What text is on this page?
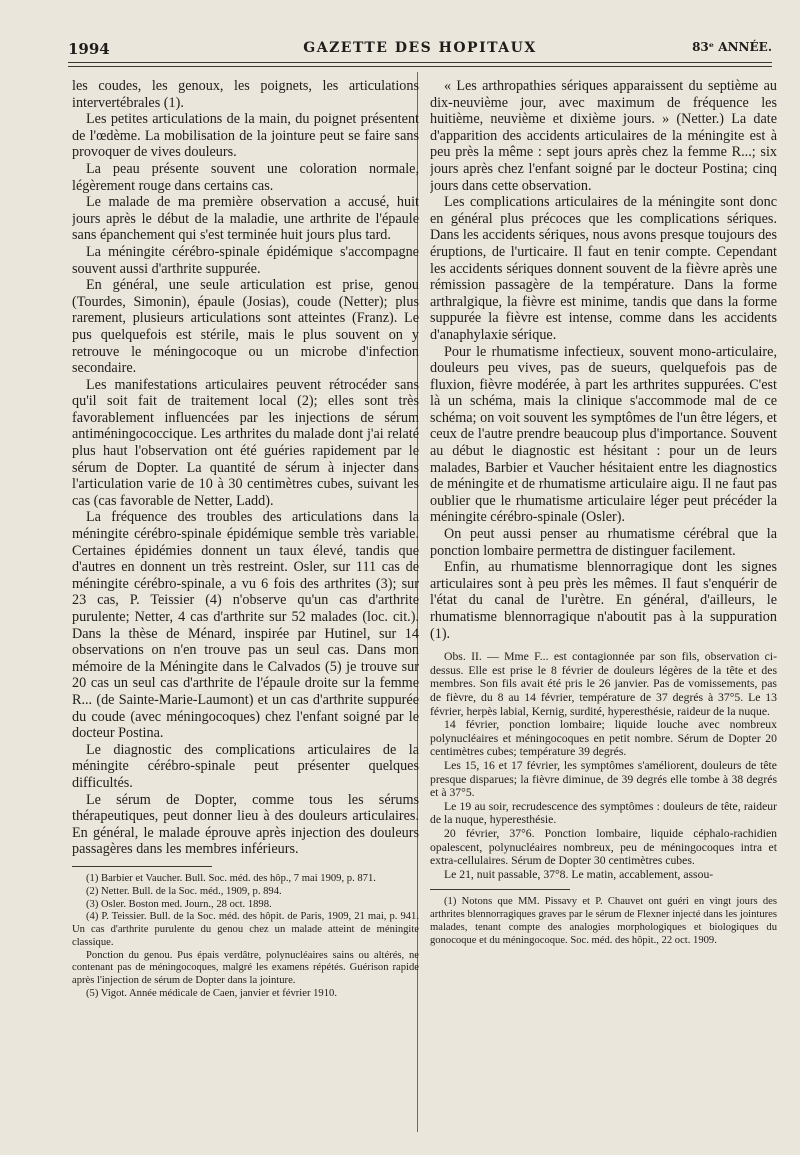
1994	GAZETTE DES HOPITAUX	83ᵉ ANNÉE.

les coudes, les genoux, les poignets, les articulations intervertébrales (1).

Les petites articulations de la main, du poignet présentent de l'œdème. La mobilisation de la jointure peut se faire sans provoquer de vives douleurs.

La peau présente souvent une coloration normale, légèrement rouge dans certains cas.

Le malade de ma première observation a accusé, huit jours après le début de la maladie, une arthrite de l'épaule sans épanchement qui s'est terminée huit jours plus tard.

La méningite cérébro-spinale épidémique s'accompagne souvent aussi d'arthrite suppurée.

En général, une seule articulation est prise, genou (Tourdes, Simonin), épaule (Josias), coude (Netter); plus rarement, plusieurs articulations sont atteintes (Franz). Le pus quelquefois est stérile, mais le plus souvent on y retrouve le méningocoque ou un microbe d'infection secondaire.

Les manifestations articulaires peuvent rétrocéder sans qu'il soit fait de traitement local (2); elles sont très favorablement influencées par les injections de sérum antiméningococcique. Les arthrites du malade dont j'ai relaté plus haut l'observation ont été guéries rapidement par le sérum de Dopter. La quantité de sérum à injecter dans l'articulation varie de 10 à 30 centimètres cubes, suivant les cas (cas favorable de Netter, Ladd).

La fréquence des troubles des articulations dans la méningite cérébro-spinale épidémique semble très variable. Certaines épidémies donnent un taux élevé, tandis que d'autres en donnent un très restreint. Osler, sur 111 cas de méningite cérébro-spinale, a vu 6 fois des arthrites (3); sur 23 cas, P. Teissier (4) n'observe qu'un cas d'arthrite purulente; Netter, 4 cas d'arthrite sur 52 malades (loc. cit.). Dans la thèse de Ménard, inspirée par Hutinel, sur 14 observations on n'en trouve pas un seul cas. Dans mon mémoire de la Méningite dans le Calvados (5) je trouve sur 20 cas un seul cas d'arthrite de l'épaule droite sur la femme R... (de Sainte-Marie-Laumont) et un cas d'arthrite suppurée du coude (avec méningocoques) chez l'enfant soigné par le docteur Postina.

Le diagnostic des complications articulaires de la méningite cérébro-spinale peut présenter quelques difficultés.

Le sérum de Dopter, comme tous les sérums thérapeutiques, peut donner lieu à des douleurs articulaires. En général, le malade éprouve après injection des douleurs passagères dans les membres inférieurs.

(1) Barbier et Vaucher. Bull. Soc. méd. des hôp., 7 mai 1909, p. 871.

(2) Netter. Bull. de la Soc. méd., 1909, p. 894.

(3) Osler. Boston med. Journ., 28 oct. 1898.

(4) P. Teissier. Bull. de la Soc. méd. des hôpit. de Paris, 1909, 21 mai, p. 941. Un cas d'arthrite purulente du genou chez un malade atteint de méningite classique.

Ponction du genou. Pus épais verdâtre, polynucléaires sains ou altérés, ne contenant pas de méningocoques, malgré les examens répétés. Guérison rapide après l'injection de sérum de Dopter dans la jointure.

(5) Vigot. Année médicale de Caen, janvier et février 1910.

« Les arthropathies sériques apparaissent du septième au dix-neuvième jour, avec maximum de fréquence les huitième, neuvième et dixième jours. » (Netter.) La date d'apparition des accidents articulaires de la méningite est à peu près la même : sept jours après chez la femme R...; six jours après chez l'enfant soigné par le docteur Postina; cinq jours dans cette observation.

Les complications articulaires de la méningite sont donc en général plus précoces que les complications sériques. Dans les accidents sériques, nous avons presque toujours des éruptions, de l'urticaire. Il faut en tenir compte. Cependant les accidents sériques donnent souvent de la fièvre après une rémission passagère de la température. Dans la forme arthralgique, la fièvre est minime, tandis que dans la forme suppurée la fièvre est intense, comme dans les accidents d'anaphylaxie sérique.

Pour le rhumatisme infectieux, souvent mono-articulaire, douleurs peu vives, pas de sueurs, quelquefois pas de fluxion, fièvre modérée, à part les arthrites suppurées. C'est là un schéma, mais la clinique s'accommode mal de ce schéma; on voit souvent les symptômes de l'un être légers, et ceux de l'autre prendre beaucoup plus d'importance. Souvent au début le diagnostic est hésitant : pour un de leurs malades, Barbier et Vaucher hésitaient entre les diagnostics de méningite et de rhumatisme articulaire aigu. Il ne faut pas oublier que le rhumatisme articulaire léger peut précéder la méningite cérébro-spinale (Osler).

On peut aussi penser au rhumatisme cérébral que la ponction lombaire permettra de distinguer facilement.

Enfin, au rhumatisme blennorragique dont les signes articulaires sont à peu près les mêmes. Il faut s'enquérir de l'état du canal de l'urètre. En général, d'ailleurs, le rhumatisme blennorragique n'aboutit pas à la suppuration (1).

Obs. II. — Mme F... est contagionnée par son fils, observation ci-dessus. Elle est prise le 8 février de douleurs légères de la tête et des membres. Son fils avait été pris le 26 janvier. Pas de vomissements, pas de fièvre, du 8 au 14 février, température de 37 degrés à 37°5. Le 13 février, herpès labial, Kernig, surdité, hyperesthésie, raideur de la nuque.

14 février, ponction lombaire; liquide louche avec nombreux polynucléaires et méningocoques en petit nombre. Sérum de Dopter 20 centimètres cubes; température 39 degrés.

Les 15, 16 et 17 février, les symptômes s'améliorent, douleurs de tête presque disparues; la fièvre diminue, de 39 degrés elle tombe à 38 degrés et à 37°5.

Le 19 au soir, recrudescence des symptômes : douleurs de tête, raideur de la nuque, hyperesthésie.

20 février, 37°6. Ponction lombaire, liquide céphalo-rachidien opalescent, polynucléaires nombreux, peu de méningocoques intra et extra-cellulaires. Sérum de Dopter 30 centimètres cubes.

Le 21, nuit passable, 37°8. Le matin, accablement, assou-

(1) Notons que MM. Pissavy et P. Chauvet ont guéri en vingt jours des arthrites blennorragiques graves par le sérum de Flexner injecté dans les jointures malades, tenant compte des analogies morphologiques et biologiques du gonocoque et du méningocoque. Soc. méd. des hôpit., 22 oct. 1909.
